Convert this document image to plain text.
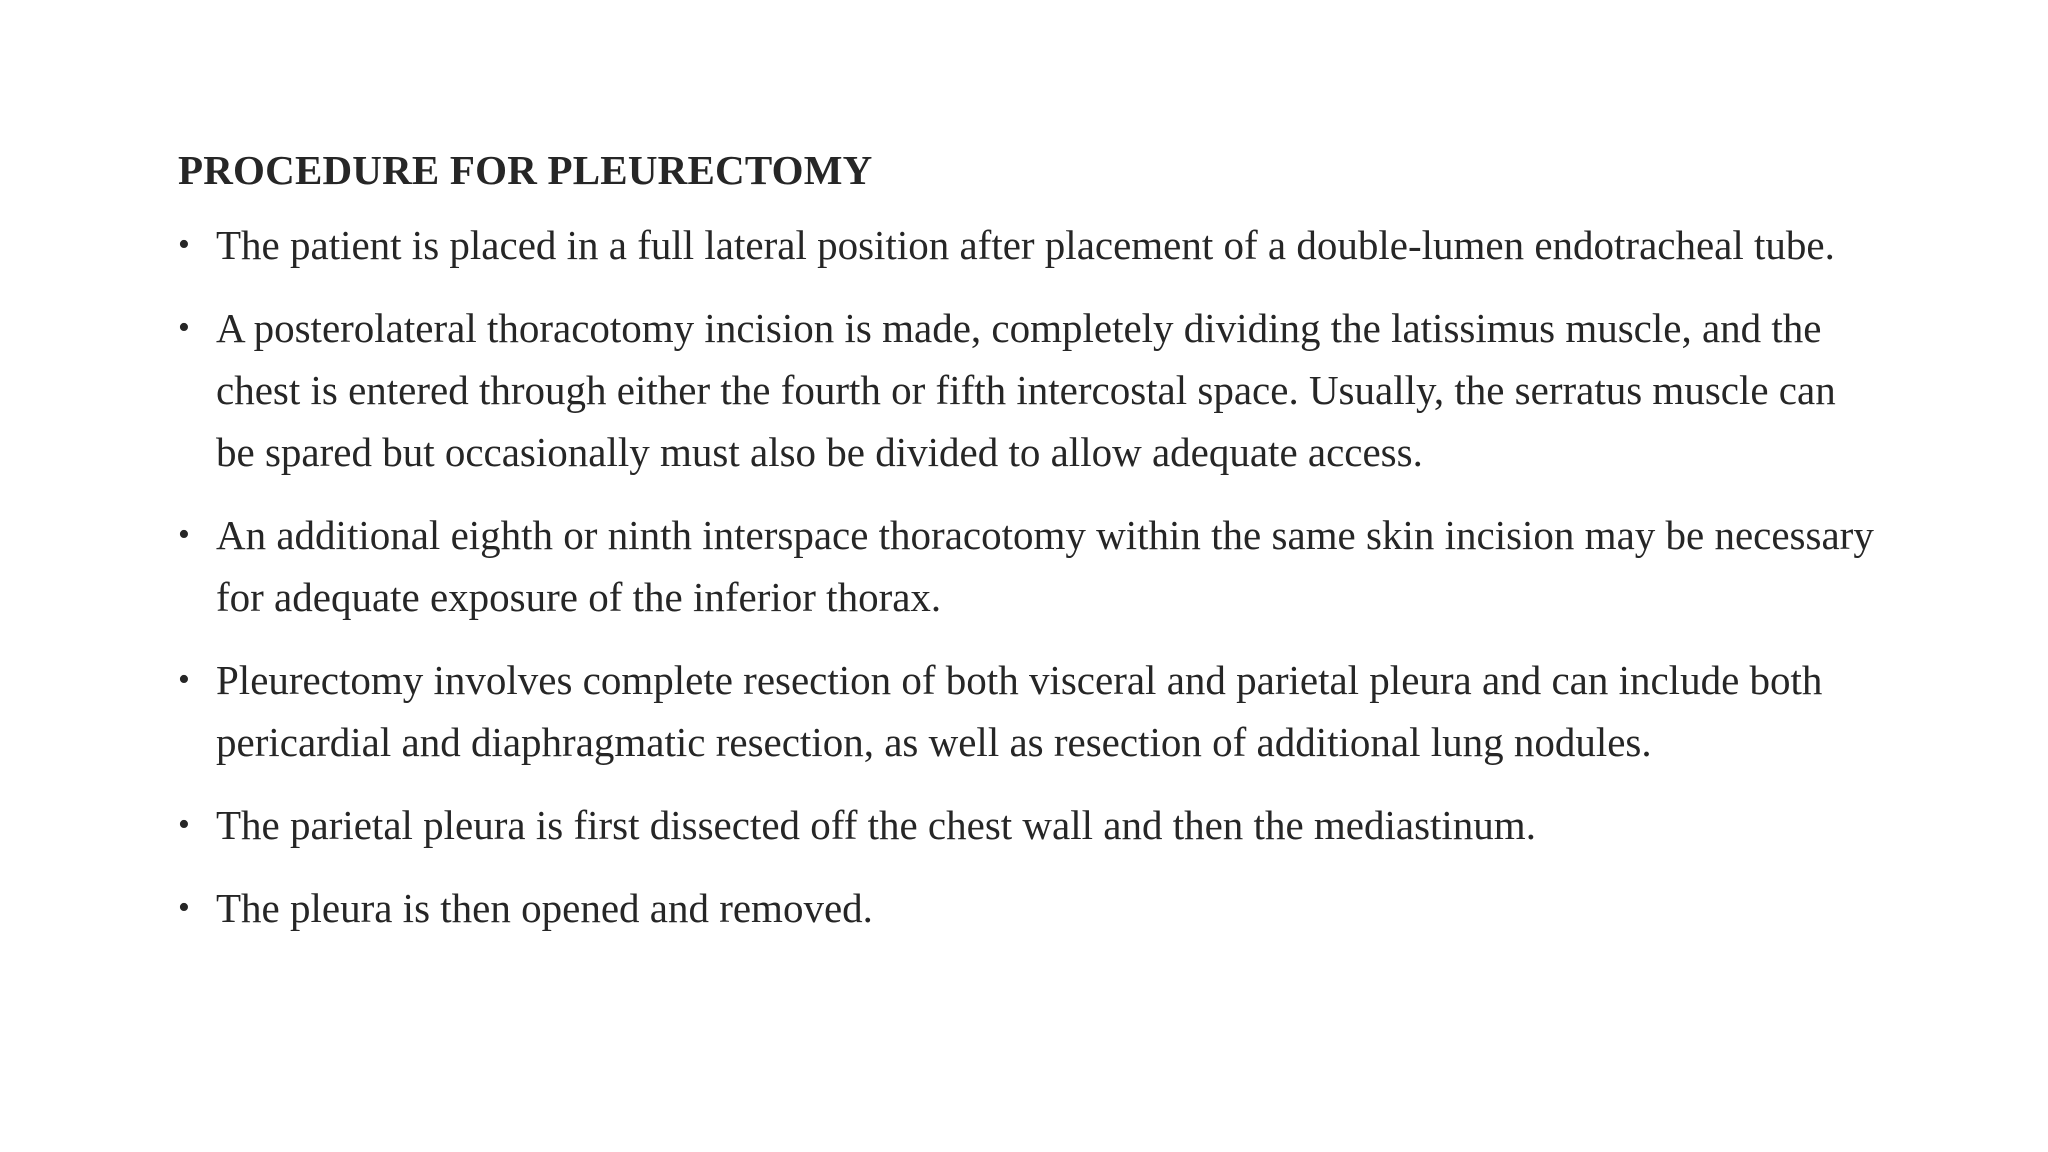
PROCEDURE FOR PLEURECTOMY
• The patient is placed in a full lateral position after placement of a double-lumen endotracheal tube.
• A posterolateral thoracotomy incision is made, completely dividing the latissimus muscle, and the chest is entered through either the fourth or fifth intercostal space. Usually, the serratus muscle can be spared but occasionally must also be divided to allow adequate access.
• An additional eighth or ninth interspace thoracotomy within the same skin incision may be necessary for adequate exposure of the inferior thorax.
• Pleurectomy involves complete resection of both visceral and parietal pleura and can include both pericardial and diaphragmatic resection, as well as resection of additional lung nodules.
• The parietal pleura is first dissected off the chest wall and then the mediastinum.
• The pleura is then opened and removed.
